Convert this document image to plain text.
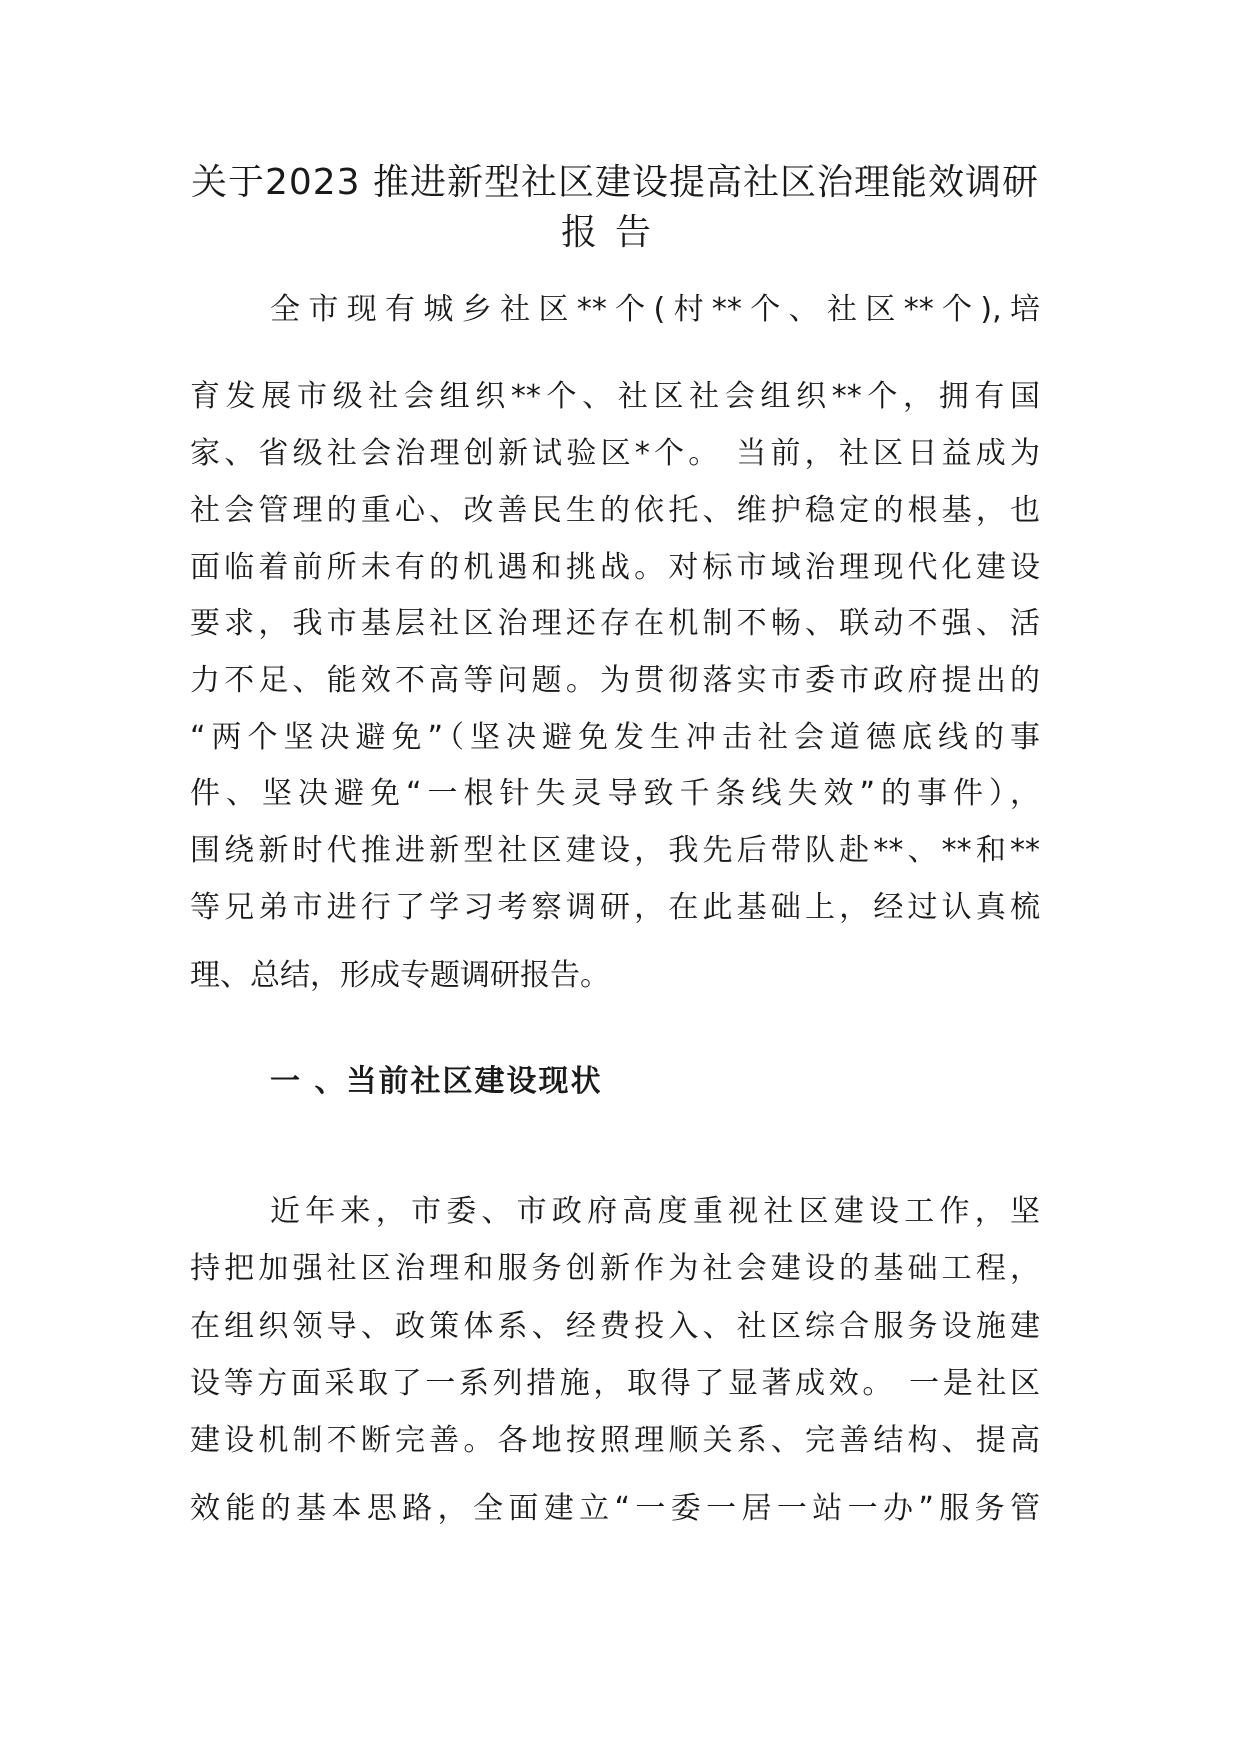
关于2023 推进新型社区建设提高社区治理能效调研
报告
全市现有城乡社区**个(村**个、社区**个),培
育发展市级社会组织**个、社区社会组织**个，拥有国
家、省级社会治理创新试验区*个。 当前，社区日益成为
社会管理的重心、改善民生的依托、维护稳定的根基，也
面临着前所未有的机遇和挑战。对标市域治理现代化建设
要求，我市基层社区治理还存在机制不畅、联动不强、活
力不足、能效不高等问题。为贯彻落实市委市政府提出的
“两个坚决避免”（坚决避免发生冲击社会道德底线的事
件、坚决避免“一根针失灵导致千条线失效”的事件），
围绕新时代推进新型社区建设，我先后带队赴**、**和**
等兄弟市进行了学习考察调研，在此基础上，经过认真梳
理、总结，形成专题调研报告。
一 、当前社区建设现状
近年来，市委、市政府高度重视社区建设工作，坚
持把加强社区治理和服务创新作为社会建设的基础工程，
在组织领导、政策体系、经费投入、社区综合服务设施建
设等方面采取了一系列措施，取得了显著成效。 一是社区
建设机制不断完善。各地按照理顺关系、完善结构、提高
效能的基本思路，全面建立“一委一居一站一办”服务管
